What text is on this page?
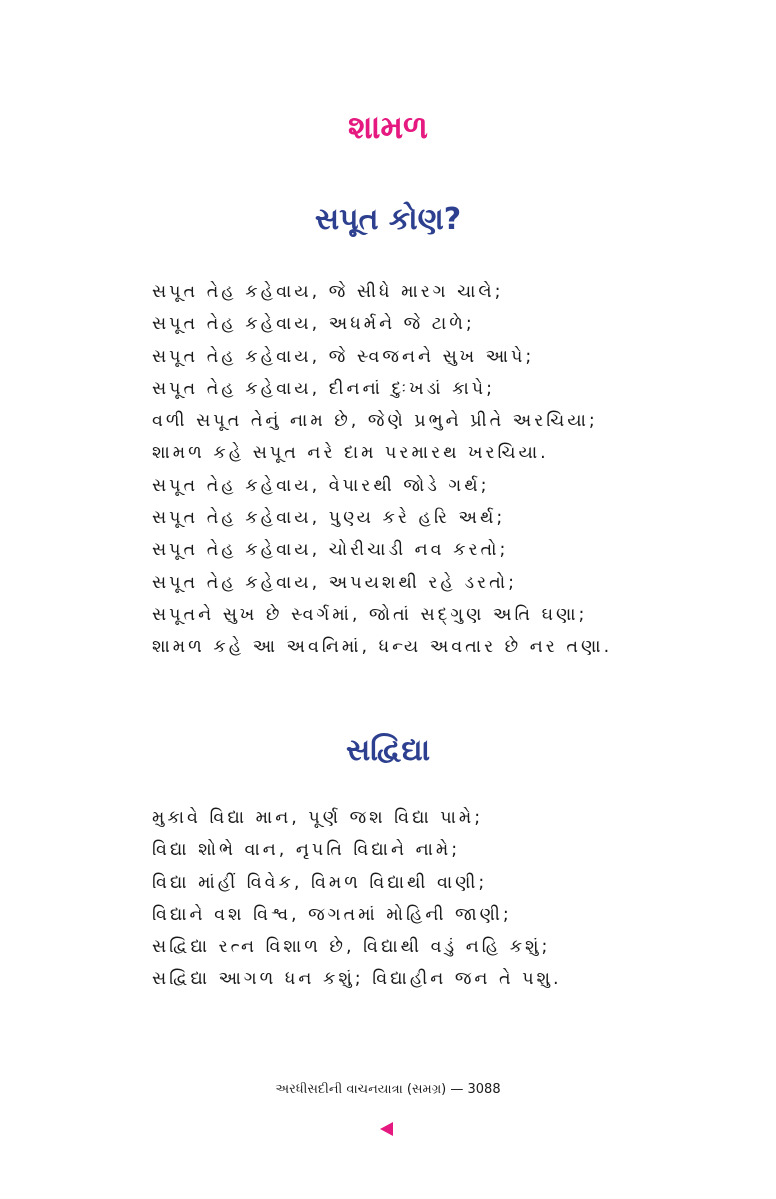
શામળ
સપૂત કોણ?
સપૂત તેહ કહેવાય, જે સીધે મારગ ચાલે;
સપૂત તેહ કહેવાય, અધર્મને જે ટાળે;
સપૂત તેહ કહેવાય, જે સ્વજનને સુખ આપે;
સપૂત તેહ કહેવાય, દીનનાં દુઃખડાં કાપે;
વળી સપૂત તેનું નામ છે, જેણે પ્રભુને પ્રીતે અરચિયા;
શામળ કહે સપૂત નરે દામ પરમારથ ખરચિયા.
સપૂત તેહ કહેવાય, વેપારથી જોડે ગર્થ;
સપૂત તેહ કહેવાય, પુણ્ય કરે હરિ અર્થ;
સપૂત તેહ કહેવાય, ચોરીચાડી નવ કરતો;
સપૂત તેહ કહેવાય, અપયશથી રહે ડરતો;
સપૂતને સુખ છે સ્વર્ગમાં, જોતાં સદ્‌ગુણ અતિ ઘણા;
શામળ કહે આ અવનિમાં, ધન્ય અવતાર છે નર તણા.
સદ્વિદ્યા
મુકાવે વિદ્યા માન, પૂર્ણ જશ વિદ્યા પામે;
વિદ્યા શોભે વાન, નૃપતિ વિદ્યાને નામે;
વિદ્યા માંહીં વિવેક, વિમળ વિદ્યાથી વાણી;
વિદ્યાને વશ વિશ્વ, જગતમાં મોહિની જાણી;
સદ્વિદ્યા રત્ન વિશાળ છે, વિદ્યાથી વડું નહિ કશું;
સદ્વિદ્યા આગળ ધન કશું; વિદ્યાહીન જન તે પશુ.
અરધીસદીની વાચનયાત્રા (સમગ્ર) — 3088
